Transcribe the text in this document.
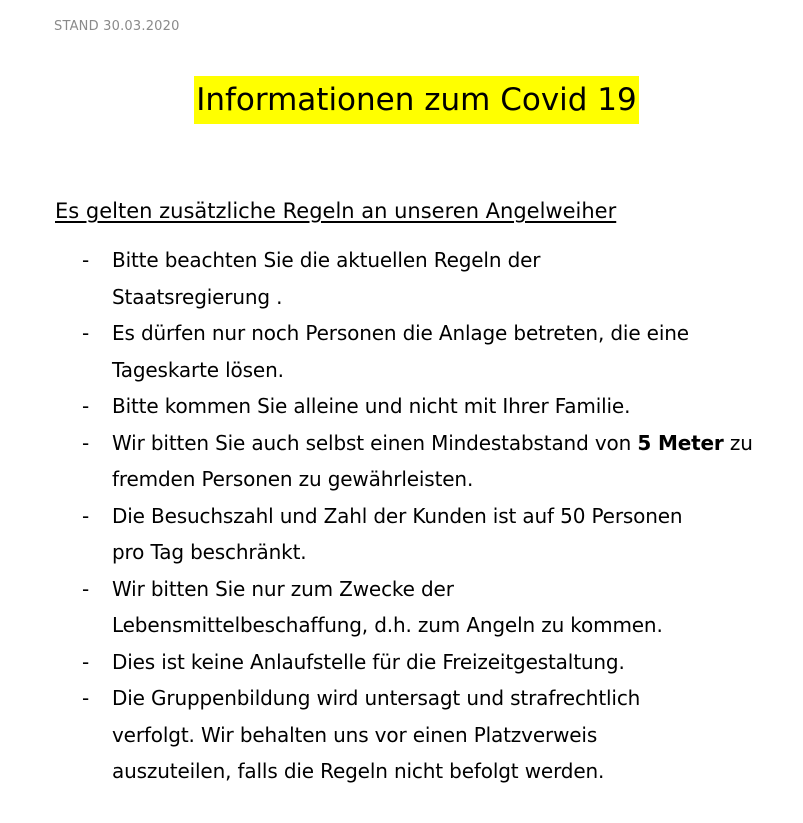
STAND 30.03.2020
Informationen zum Covid 19
Es gelten zusätzliche Regeln an unseren Angelweiher
- Bitte beachten Sie die aktuellen Regeln der
Staatsregierung .
- Es dürfen nur noch Personen die Anlage betreten, die eine
Tageskarte lösen.
- Bitte kommen Sie alleine und nicht mit Ihrer Familie.
- Wir bitten Sie auch selbst einen Mindestabstand von 5 Meter zu fremden Personen zu gewährleisten.
- Die Besuchszahl und Zahl der Kunden ist auf 50 Personen
pro Tag beschränkt.
- Wir bitten Sie nur zum Zwecke der
Lebensmittelbeschaffung, d.h. zum Angeln zu kommen.
- Dies ist keine Anlaufstelle für die Freizeitgestaltung.
- Die Gruppenbildung wird untersagt und strafrechtlich
verfolgt. Wir behalten uns vor einen Platzverweis
auszuteilen, falls die Regeln nicht befolgt werden.
